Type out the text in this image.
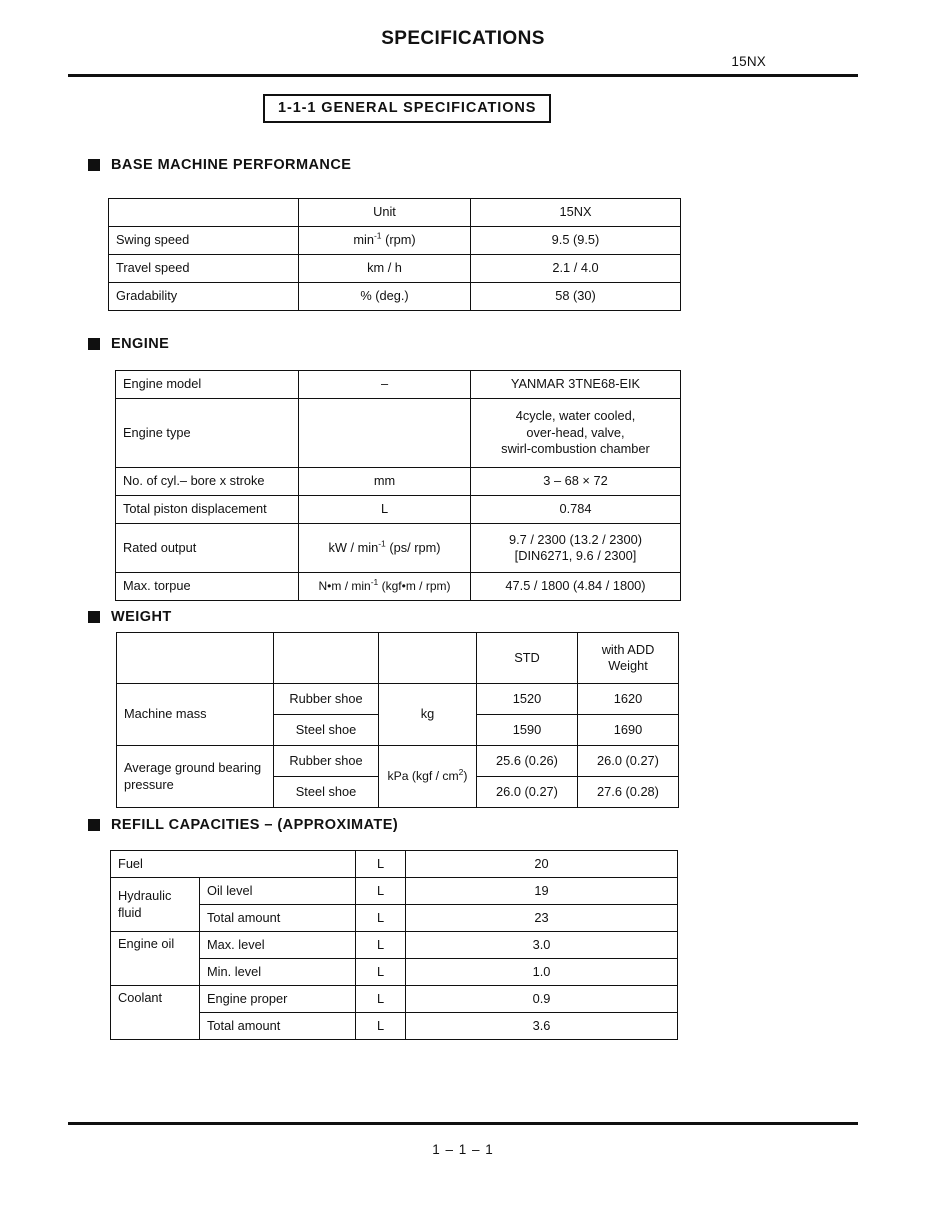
SPECIFICATIONS
15NX
1-1-1 GENERAL SPECIFICATIONS
BASE MACHINE PERFORMANCE
	Unit	15NX
Swing speed	$\min^{-1} (rpm)$	9.5 (9.5)
Travel speed	km / h	2.1 / 4.0
Gradability	% (deg.)	58 (30)
ENGINE
Engine model	–	YANMAR 3TNE68-EIK
Engine type		4cycle, water cooled,
over-head, valve,
swirl-combustion chamber

No. of cyl.– bore x stroke	mm	3 – 68 × 72
Total piston displacement	L	0.784
Rated output	kW / $\min^{-1} (ps/$ rpm)	9.7 / 2300 (13.2 / 2300)
[DIN6271, 9.6 / 2300]

Max. torpue	N•m / $\min^{-1}$ (kgf•m / rpm)	47.5 / 1800 (4.84 / 1800)
WEIGHT
			STD	with ADD
Weight

Machine mass	Rubber shoe	kg	1520	1620
	Steel shoe		1590	1690

Average ground bearing
pressure	Rubber shoe	kPa $(kgf / cm^2)$	25.6 (0.26)	26.0 (0.27)
	Steel shoe		26.0 (0.27)	27.6 (0.28)
REFILL CAPACITIES – (APPROXIMATE)
Fuel		L	20

Hydraulic
fluid	Oil level	L	19
	Total amount	L	23
Engine oil	Max. level	L	3.0
	Min. level	L	1.0
Coolant	Engine proper	L	0.9
	Total amount	L	3.6
1 – 1 – 1
